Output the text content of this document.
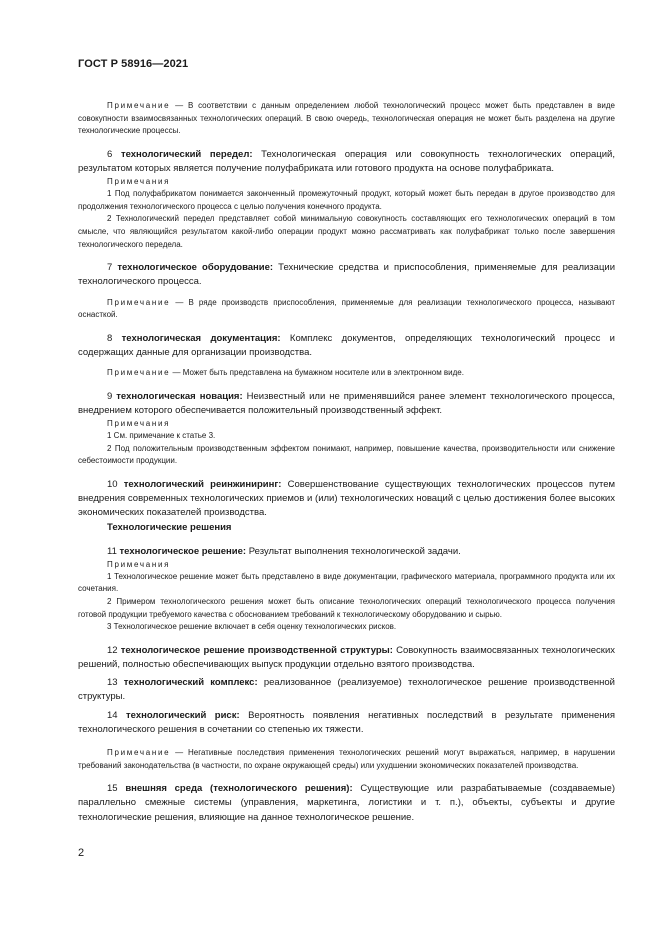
ГОСТ Р 58916—2021

Примечание — В соответствии с данным определением любой технологический процесс может быть представлен в виде совокупности взаимосвязанных технологических операций. В свою очередь, технологическая операция не может быть разделена на другие технологические процессы.

6 технологический передел: Технологическая операция или совокупность технологических операций, результатом которых является получение полуфабриката или готового продукта на основе полуфабриката.

Примечания

1 Под полуфабрикатом понимается законченный промежуточный продукт, который может быть передан в другое производство для продолжения технологического процесса с целью получения конечного продукта.

2 Технологический передел представляет собой минимальную совокупность составляющих его технологических операций в том смысле, что являющийся результатом какой-либо операции продукт можно рассматривать как полуфабрикат только после завершения технологического передела.

7 технологическое оборудование: Технические средства и приспособления, применяемые для реализации технологического процесса.

Примечание — В ряде производств приспособления, применяемые для реализации технологического процесса, называют оснасткой.

8 технологическая документация: Комплекс документов, определяющих технологический процесс и содержащих данные для организации производства.

Примечание — Может быть представлена на бумажном носителе или в электронном виде.

9 технологическая новация: Неизвестный или не применявшийся ранее элемент технологического процесса, внедрением которого обеспечивается положительный производственный эффект.

Примечания

1 См. примечание к статье 3.

2 Под положительным производственным эффектом понимают, например, повышение качества, производительности или снижение себестоимости продукции.

10 технологический реинжиниринг: Совершенствование существующих технологических процессов путем внедрения современных технологических приемов и (или) технологических новаций с целью достижения более высоких экономических показателей производства.

Технологические решения

11 технологическое решение: Результат выполнения технологической задачи.

Примечания

1 Технологическое решение может быть представлено в виде документации, графического материала, программного продукта или их сочетания.

2 Примером технологического решения может быть описание технологических операций технологического процесса получения готовой продукции требуемого качества с обоснованием требований к технологическому оборудованию и сырью.

3 Технологическое решение включает в себя оценку технологических рисков.

12 технологическое решение производственной структуры: Совокупность взаимосвязанных технологических решений, полностью обеспечивающих выпуск продукции отдельно взятого производства.

13 технологический комплекс: реализованное (реализуемое) технологическое решение производственной структуры.

14 технологический риск: Вероятность появления негативных последствий в результате применения технологического решения в сочетании со степенью их тяжести.

Примечание — Негативные последствия применения технологических решений могут выражаться, например, в нарушении требований законодательства (в частности, по охране окружающей среды) или ухудшении экономических показателей производства.

15 внешняя среда (технологического решения): Существующие или разрабатываемые (создаваемые) параллельно смежные системы (управления, маркетинга, логистики и т. п.), объекты, субъекты и другие технологические решения, влияющие на данное технологическое решение.

2
